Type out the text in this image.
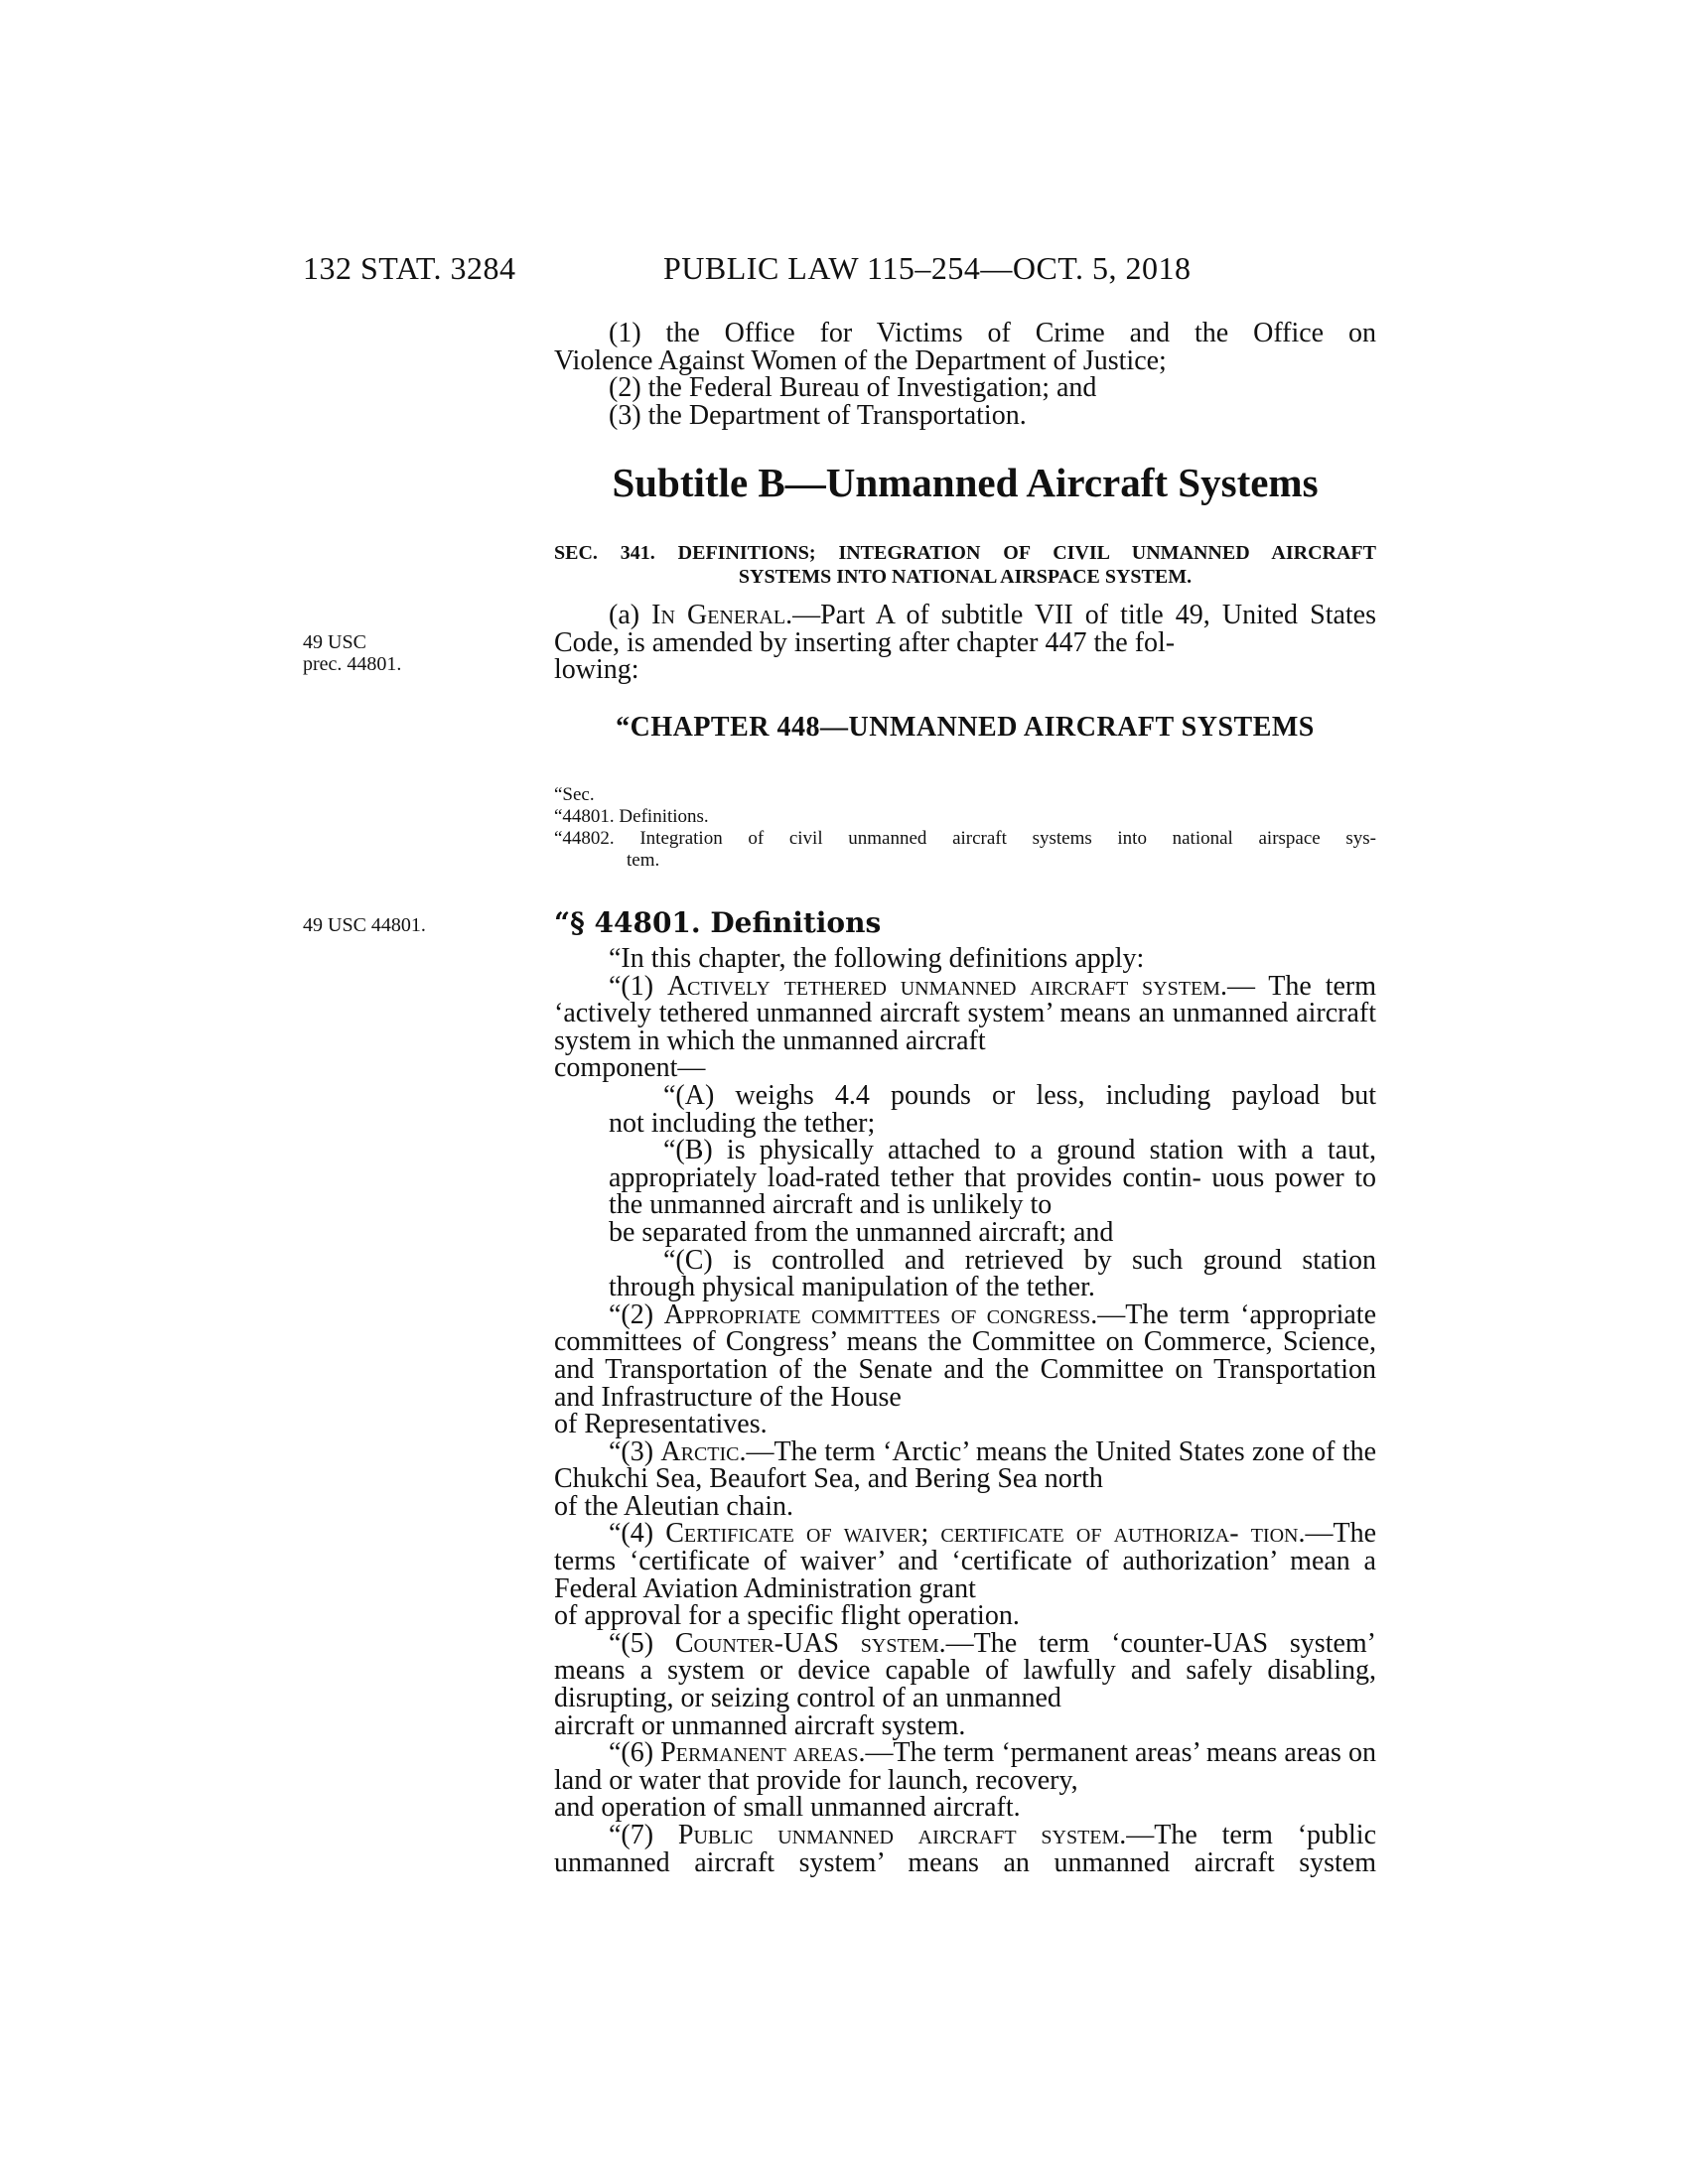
132 STAT. 3284	PUBLIC LAW 115–254—OCT. 5, 2018
(1) the Office for Victims of Crime and the Office on
Violence Against Women of the Department of Justice;
(2) the Federal Bureau of Investigation; and
(3) the Department of Transportation.
Subtitle B—Unmanned Aircraft Systems
SEC. 341. DEFINITIONS; INTEGRATION OF CIVIL UNMANNED AIRCRAFT
SYSTEMS INTO NATIONAL AIRSPACE SYSTEM.
49 USC
prec. 44801.

(a) In General.—Part A of subtitle VII of title 49, United States Code, is amended by inserting after chapter 447 the fol-

lowing:
“CHAPTER 448—UNMANNED AIRCRAFT SYSTEMS
“Sec.
“44801. Definitions.
“44802. Integration of civil unmanned aircraft systems into national airspace sys-
tem.
49 USC 44801.	“§ 44801. Definitions

“In this chapter, the following definitions apply:

“(1) Actively tethered unmanned aircraft system.— The term ‘actively tethered unmanned aircraft system’ means an unmanned aircraft system in which the unmanned aircraft

component—

“(A) weighs 4.4 pounds or less, including payload but

not including the tether;

“(B) is physically attached to a ground station with a taut, appropriately load-rated tether that provides contin- uous power to the unmanned aircraft and is unlikely to

be separated from the unmanned aircraft; and

“(C) is controlled and retrieved by such ground station

through physical manipulation of the tether.

“(2) Appropriate committees of congress.—The term ‘appropriate committees of Congress’ means the Committee on Commerce, Science, and Transportation of the Senate and the Committee on Transportation and Infrastructure of the House

of Representatives.

“(3) Arctic.—The term ‘Arctic’ means the United States zone of the Chukchi Sea, Beaufort Sea, and Bering Sea north

of the Aleutian chain.

“(4) Certificate of waiver; certificate of authoriza- tion.—The terms ‘certificate of waiver’ and ‘certificate of authorization’ mean a Federal Aviation Administration grant

of approval for a specific flight operation.

“(5) Counter-UAS system.—The term ‘counter-UAS system’ means a system or device capable of lawfully and safely disabling, disrupting, or seizing control of an unmanned

aircraft or unmanned aircraft system.

“(6) Permanent areas.—The term ‘permanent areas’ means areas on land or water that provide for launch, recovery,

and operation of small unmanned aircraft.

“(7) Public unmanned aircraft system.—The term ‘public unmanned aircraft system’ means an unmanned aircraft system
